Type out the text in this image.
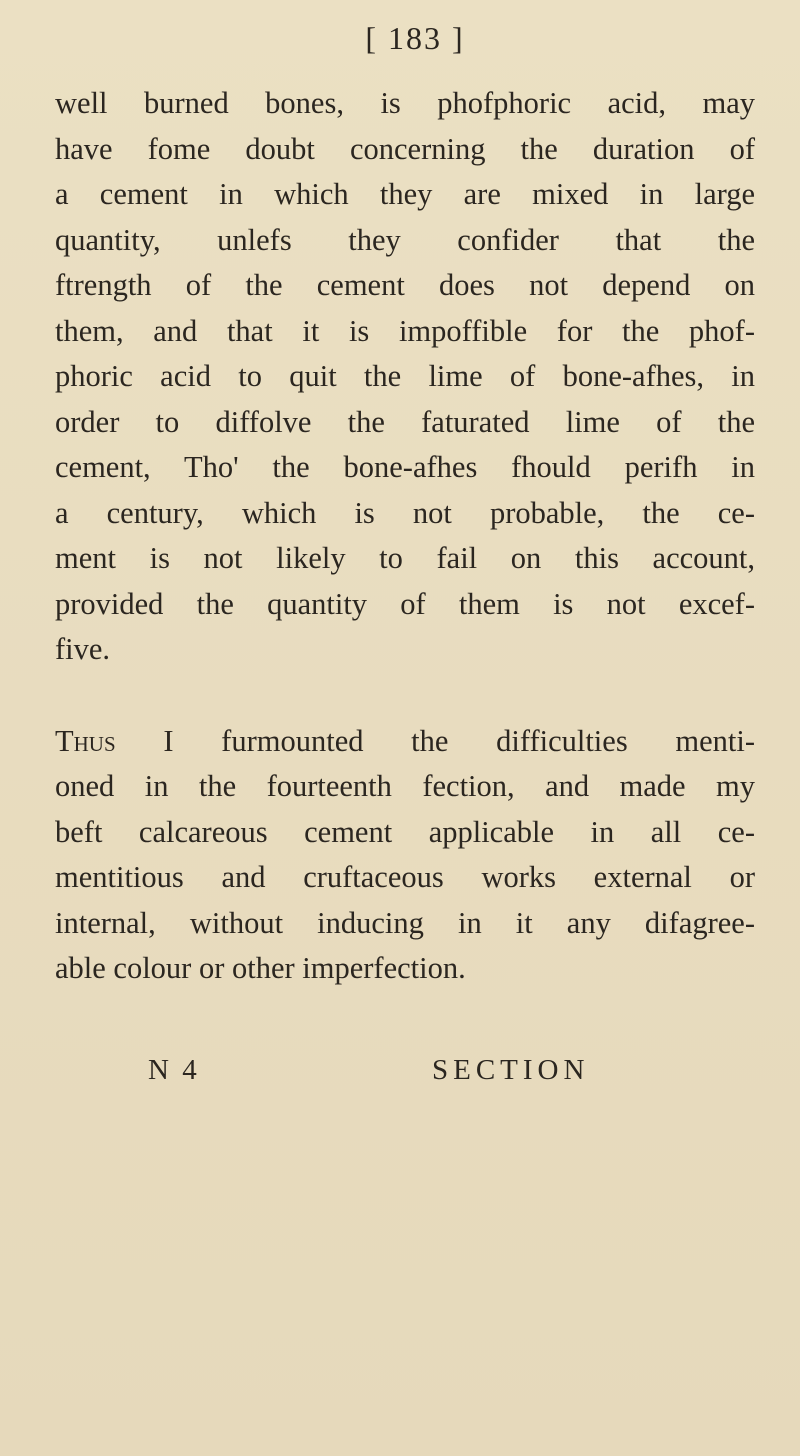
[ 183 ]
well burned bones, is phofphoric acid, may
have fome doubt concerning the duration of
a cement in which they are mixed in large
quantity, unlefs they confider that the
ftrength of the cement does not depend on
them, and that it is impoffible for the phof-
phoric acid to quit the lime of bone-afhes, in
order to diffolve the faturated lime of the
cement, Tho' the bone-afhes fhould perifh in
a century, which is not probable, the ce-
ment is not likely to fail on this account,
provided the quantity of them is not excef-
five.
Thus I furmounted the difficulties menti-
oned in the fourteenth fection, and made my
beft calcareous cement applicable in all ce-
mentitious and cruftaceous works external or
internal, without inducing in it any difagree-
able colour or other imperfection.
N 4	SECTION
